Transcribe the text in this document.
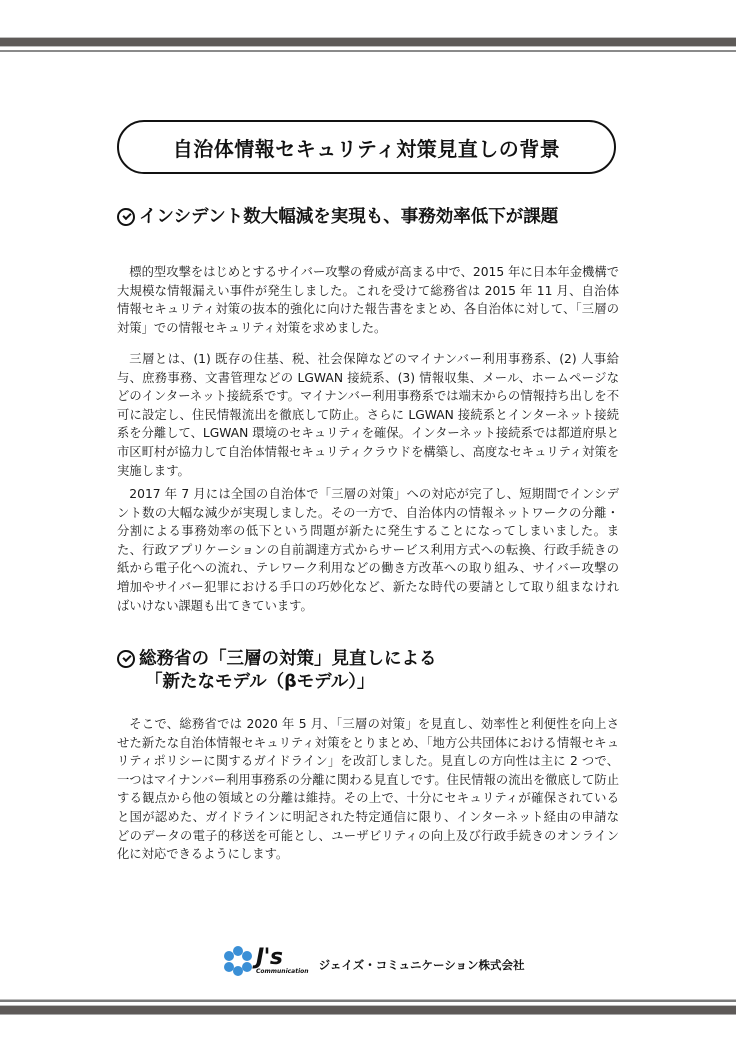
自治体情報セキュリティ対策見直しの背景
インシデント数大幅減を実現も、事務効率低下が課題

標的型攻撃をはじめとするサイバー攻撃の脅威が高まる中で、2015 年に日本年金機構で大規模な情報漏えい事件が発生しました。これを受けて総務省は 2015 年 11 月、自治体情報セキュリティ対策の抜本的強化に向けた報告書をまとめ、各自治体に対して、「三層の対策」での情報セキュリティ対策を求めました。

三層とは、(1) 既存の住基、税、社会保障などのマイナンバー利用事務系、(2) 人事給与、庶務事務、文書管理などの LGWAN 接続系、(3) 情報収集、メール、ホームページなどのインターネット接続系です。マイナンバー利用事務系では端末からの情報持ち出しを不可に設定し、住民情報流出を徹底して防止。さらに LGWAN 接続系とインターネット接続系を分離して、LGWAN 環境のセキュリティを確保。インターネット接続系では都道府県と市区町村が協力して自治体情報セキュリティクラウドを構築し、高度なセキュリティ対策を実施します。

2017 年 7 月には全国の自治体で「三層の対策」への対応が完了し、短期間でインシデント数の大幅な減少が実現しました。その一方で、自治体内の情報ネットワークの分離・分割による事務効率の低下という問題が新たに発生することになってしまいました。また、行政アプリケーションの自前調達方式からサービス利用方式への転換、行政手続きの紙から電子化への流れ、テレワーク利用などの働き方改革への取り組み、サイバー攻撃の増加やサイバー犯罪における手口の巧妙化など、新たな時代の要請として取り組まなければいけない課題も出てきています。

総務省の「三層の対策」見直しによる
「新たなモデル（βモデル）」

そこで、総務省では 2020 年 5 月、「三層の対策」を見直し、効率性と利便性を向上させた新たな自治体情報セキュリティ対策をとりまとめ、「地方公共団体における情報セキュリティポリシーに関するガイドライン」を改訂しました。見直しの方向性は主に 2 つで、一つはマイナンバー利用事務系の分離に関わる見直しです。住民情報の流出を徹底して防止する観点から他の領域との分離は維持。その上で、十分にセキュリティが確保されていると国が認めた、ガイドラインに明記された特定通信に限り、インターネット経由の申請などのデータの電子的移送を可能とし、ユーザビリティの向上及び行政手続きのオンライン化に対応できるようにします。

J's
Communication ジェイズ・コミュニケーション株式会社
